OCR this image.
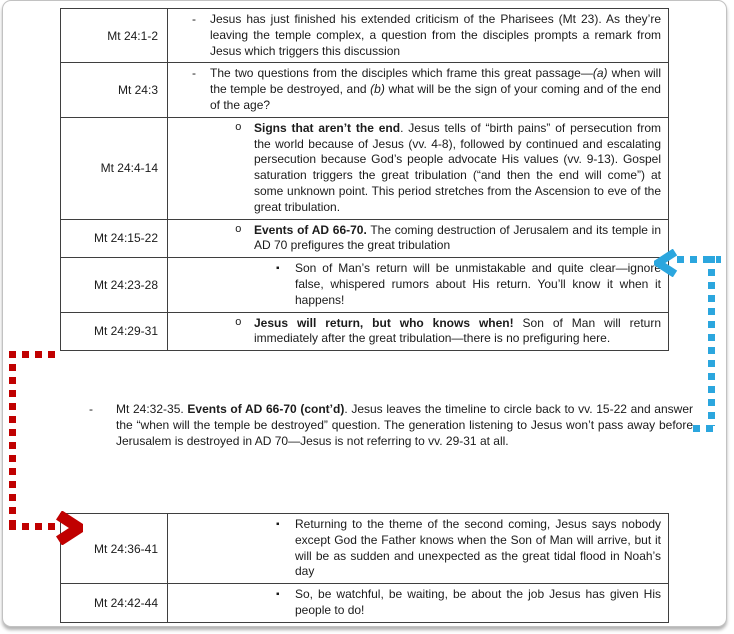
Mt 24:1-2
- Jesus has just finished his extended criticism of the Pharisees (Mt 23). As they’re leaving the temple complex, a question from the disciples prompts a remark from Jesus which triggers this discussion
Mt 24:3
- The two questions from the disciples which frame this great passage—(a) when will the temple be destroyed, and (b) what will be the sign of your coming and of the end of the age?
Mt 24:4-14
o Signs that aren’t the end. Jesus tells of “birth pains” of persecution from the world because of Jesus (vv. 4-8), followed by continued and escalating persecution because God’s people advocate His values (vv. 9-13). Gospel saturation triggers the great tribulation (“and then the end will come”) at some unknown point. This period stretches from the Ascension to eve of the great tribulation.
Mt 24:15-22
o Events of AD 66-70. The coming destruction of Jerusalem and its temple in AD 70 prefigures the great tribulation
Mt 24:23-28
▪ Son of Man’s return will be unmistakable and quite clear—ignore false, whispered rumors about His return. You’ll know it when it happens!
Mt 24:29-31
o Jesus will return, but who knows when! Son of Man will return immediately after the great tribulation—there is no prefiguring here.
- Mt 24:32-35. Events of AD 66-70 (cont’d). Jesus leaves the timeline to circle back to vv. 15-22 and answer the “when will the temple be destroyed” question. The generation listening to Jesus won’t pass away before Jerusalem is destroyed in AD 70—Jesus is not referring to vv. 29-31 at all.
Mt 24:36-41
▪ Returning to the theme of the second coming, Jesus says nobody except God the Father knows when the Son of Man will arrive, but it will be as sudden and unexpected as the great tidal flood in Noah’s day
Mt 24:42-44
▪ So, be watchful, be waiting, be about the job Jesus has given His people to do!
